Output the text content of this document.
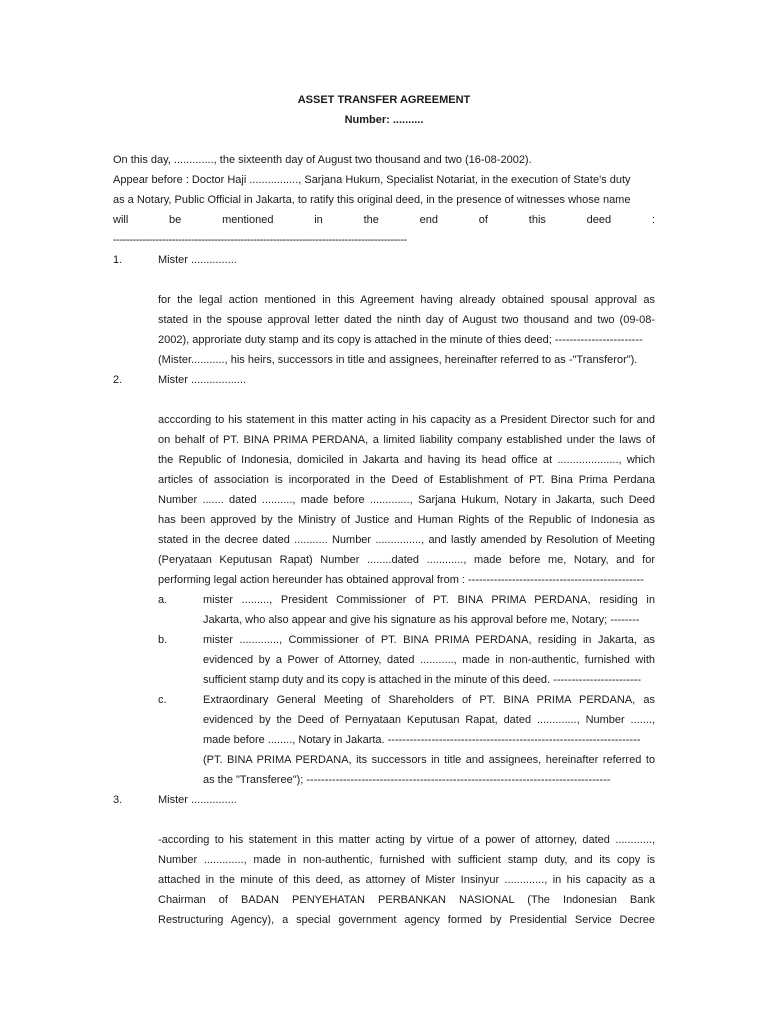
ASSET TRANSFER AGREEMENT
Number: ..........
On this day, ............., the sixteenth day of August two thousand and two (16-08-2002).
Appear before : Doctor Haji ................, Sarjana Hukum, Specialist Notariat, in the execution of State's duty
as a Notary, Public Official in Jakarta, to ratify this original deed, in the presence of witnesses whose name
will be mentioned in the end of this deed :
------------------------------------------------------------------------------------------
1.	Mister ...............
for the legal action mentioned in this Agreement having already obtained spousal approval as
stated in the spouse approval letter dated the ninth day of August two thousand and two (09-08-
2002), approriate duty stamp and its copy is attached in the minute of thies deed; ------------------------
(Mister..........., his heirs, successors in title and assignees, hereinafter referred to as -"Transferor").
2.	Mister ..................
acccording to his statement in this matter acting in his capacity as a President Director such for and
on behalf of PT. BINA PRIMA PERDANA, a limited liability company established under the laws of
the Republic of Indonesia, domiciled in Jakarta and having its head office at ...................., which
articles of association is incorporated in the Deed of Establishment of PT. Bina Prima Perdana
Number ....... dated .........., made before ............., Sarjana Hukum, Notary in Jakarta, such Deed
has been approved by the Ministry of Justice and Human Rights of the Republic of Indonesia as
stated in the decree dated ........... Number ..............., and lastly amended by Resolution of Meeting
(Peryataan Keputusan Rapat) Number ........dated ............, made before me, Notary, and for
performing legal action hereunder has obtained approval from : ------------------------------------------------
a.	mister ........., President Commissioner of PT. BINA PRIMA PERDANA, residing in
Jakarta, who also appear and give his signature as his approval before me, Notary; --------
b.	mister ............., Commissioner of PT. BINA PRIMA PERDANA, residing in Jakarta, as
evidenced by a Power of Attorney, dated ..........., made in non-authentic, furnished with
sufficient stamp duty and its copy is attached in the minute of this deed. ------------------------
c.	Extraordinary General Meeting of Shareholders of PT. BINA PRIMA PERDANA, as
evidenced by the Deed of Pernyataan Keputusan Rapat, dated ............., Number .......,
made before ........, Notary in Jakarta. ---------------------------------------------------------------------
(PT. BINA PRIMA PERDANA, its successors in title and assignees, hereinafter referred to
as the "Transferee"); -----------------------------------------------------------------------------------
3.	Mister ...............
-according to his statement in this matter acting by virtue of a power of attorney, dated ............,
Number ............., made in non-authentic, furnished with sufficient stamp duty, and its copy is
attached in the minute of this deed, as attorney of Mister Insinyur ............., in his capacity as a
Chairman of BADAN PENYEHATAN PERBANKAN NASIONAL (The Indonesian Bank
Restructuring Agency), a special government agency formed by Presidential Service Decree
